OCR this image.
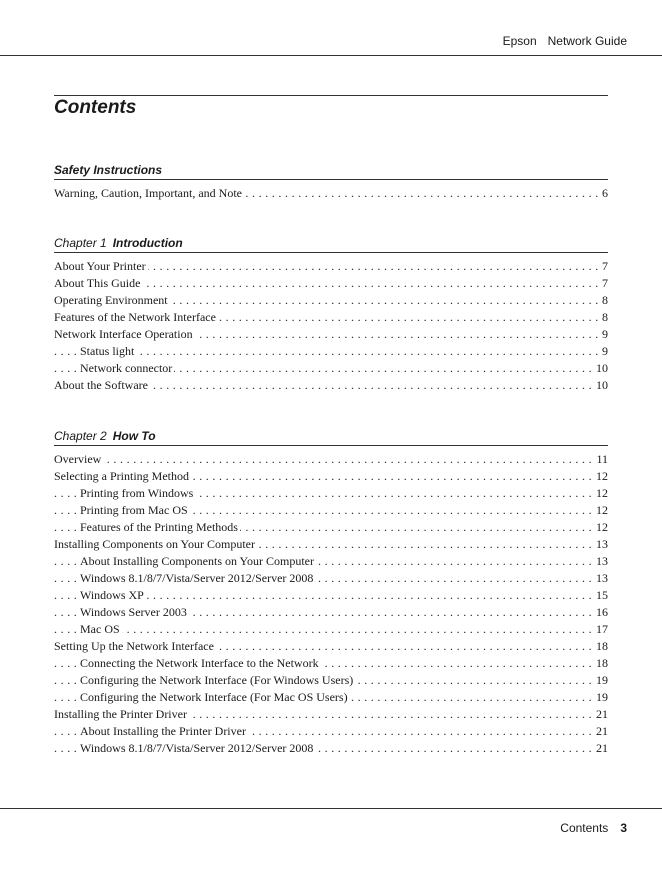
Epson Network Guide
Contents
Safety Instructions
Warning, Caution, Important, and Note	6
. . .
Chapter 1 Introduction
About Your Printer	7
. . .
About This Guide	7
. . .
Operating Environment	8
. . .
Features of the Network Interface	8
. . .
Network Interface Operation	9
. . .
Status light	9
. . .
Network connector	10
. . .
About the Software	10
. . .
Chapter 2 How To
Overview	11
. . .
Selecting a Printing Method	12
. . .
Printing from Windows	12
. . .
Printing from Mac OS	12
. . .
Features of the Printing Methods	12
. . .
Installing Components on Your Computer	13
. . .
About Installing Components on Your Computer	13
. . .
Windows 8.1/8/7/Vista/Server 2012/Server 2008	13
. . .
Windows XP	15
. . .
Windows Server 2003	16
. . .
Mac OS	17
. . .
Setting Up the Network Interface	18
. . .
Connecting the Network Interface to the Network	18
. . .
Configuring the Network Interface (For Windows Users)	19
. . .
Configuring the Network Interface (For Mac OS Users)	19
. . .
Installing the Printer Driver	21
. . .
About Installing the Printer Driver	21
. . .
Windows 8.1/8/7/Vista/Server 2012/Server 2008	21
. . .
Contents 3
